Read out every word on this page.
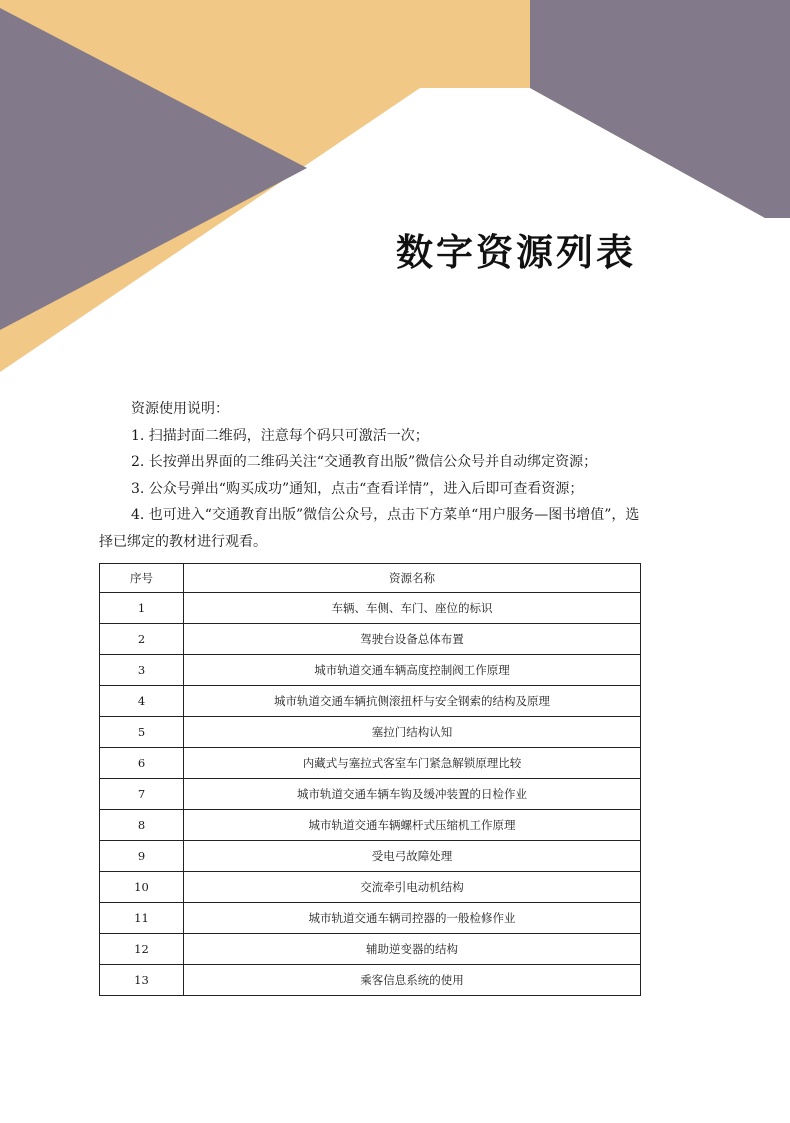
数字资源列表

资源使用说明：

1. 扫描封面二维码，注意每个码只可激活一次；

2. 长按弹出界面的二维码关注“交通教育出版”微信公众号并自动绑定资源；

3. 公众号弹出“购买成功”通知，点击“查看详情”，进入后即可查看资源；

4. 也可进入“交通教育出版”微信公众号，点击下方菜单“用户服务—图书增值”，选择已绑定的教材进行观看。

序号	资源名称
1	车辆、车侧、车门、座位的标识
2	驾驶台设备总体布置
3	城市轨道交通车辆高度控制阀工作原理
4	城市轨道交通车辆抗侧滚扭杆与安全钢索的结构及原理
5	塞拉门结构认知
6	内藏式与塞拉式客室车门紧急解锁原理比较
7	城市轨道交通车辆车钩及缓冲装置的日检作业
8	城市轨道交通车辆螺杆式压缩机工作原理
9	受电弓故障处理
10	交流牵引电动机结构
11	城市轨道交通车辆司控器的一般检修作业
12	辅助逆变器的结构
13	乘客信息系统的使用
